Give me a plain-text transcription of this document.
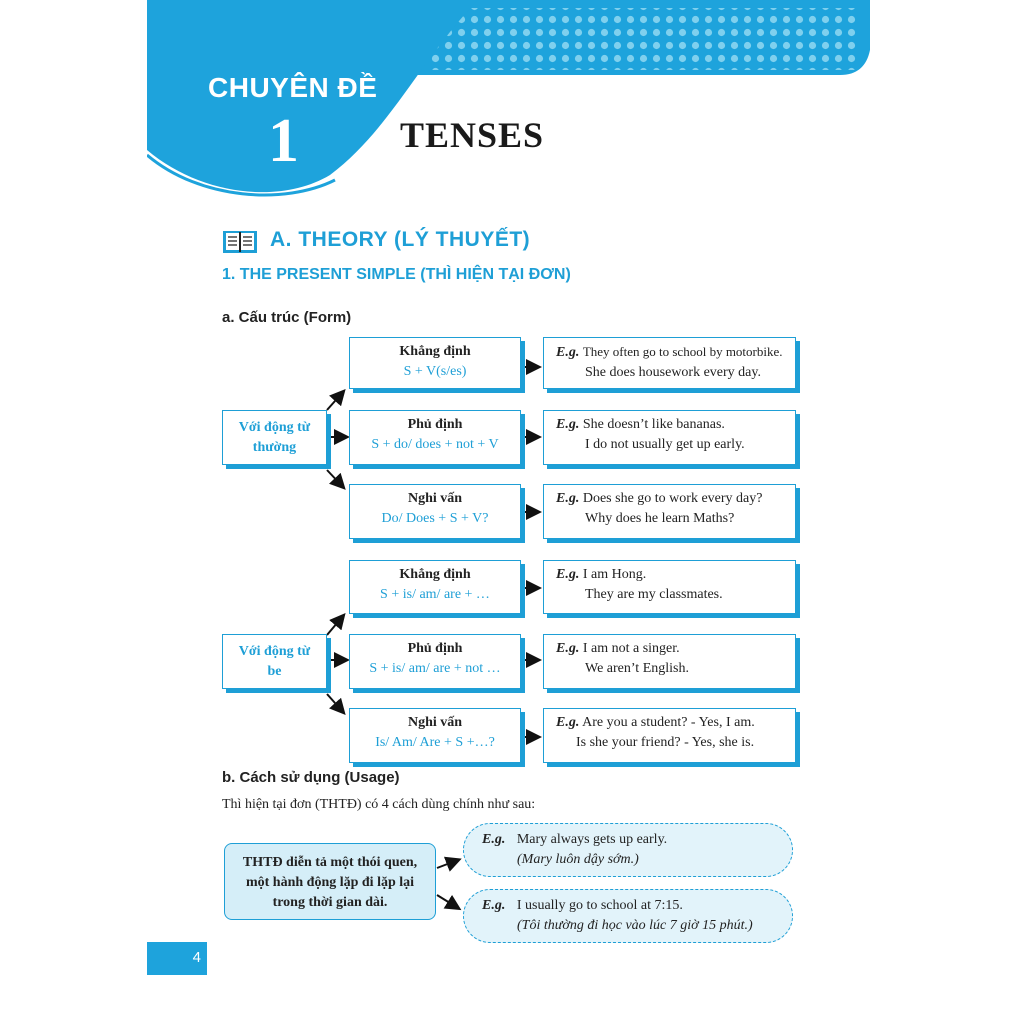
CHUYÊN ĐỀ
1	TENSES
A. THEORY (LÝ THUYẾT)
1. THE PRESENT SIMPLE (THÌ HIỆN TẠI ĐƠN)
a. Cấu trúc (Form)
Với động từ
thường
Khẳng định
S + V(s/es)
E.g. They often go to school by motorbike.
She does housework every day.
Phủ định
S + do/ does + not + V
E.g. She doesn’t like bananas.
I do not usually get up early.
Nghi vấn
Do/ Does + S + V?
E.g. Does she go to work every day?
Why does he learn Maths?
Với động từ
be
Khẳng định
S + is/ am/ are + …
E.g. I am Hong.
They are my classmates.
Phủ định
S + is/ am/ are + not …
E.g. I am not a singer.
We aren’t English.
Nghi vấn
Is/ Am/ Are + S +…?
E.g. Are you a student? - Yes, I am.
Is she your friend? - Yes, she is.
b. Cách sử dụng (Usage)
Thì hiện tại đơn (THTĐ) có 4 cách dùng chính như sau:
THTĐ diễn tả một thói quen,
một hành động lặp đi lặp lại
trong thời gian dài.
E.g. Mary always gets up early.
(Mary luôn dậy sớm.)
E.g. I usually go to school at 7:15.
(Tôi thường đi học vào lúc 7 giờ 15 phút.)
4
